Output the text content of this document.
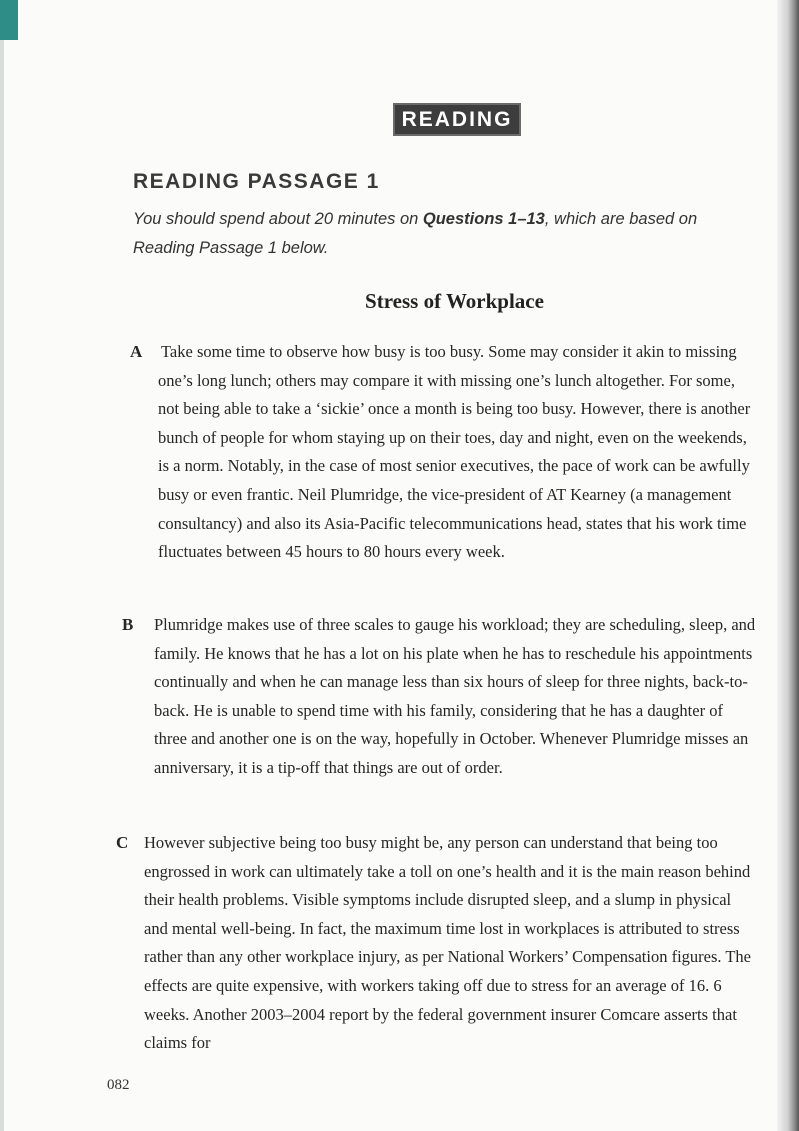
READING
READING PASSAGE 1
You should spend about 20 minutes on Questions 1–13, which are based on Reading Passage 1 below.
Stress of Workplace
A Take some time to observe how busy is too busy. Some may consider it akin to missing one’s long lunch; others may compare it with missing one’s lunch altogether. For some, not being able to take a ‘sickie’ once a month is being too busy. However, there is another bunch of people for whom staying up on their toes, day and night, even on the weekends, is a norm. Notably, in the case of most senior executives, the pace of work can be awfully busy or even frantic. Neil Plumridge, the vice-president of AT Kearney (a management consultancy) and also its Asia-Pacific telecommunications head, states that his work time fluctuates between 45 hours to 80 hours every week.
B Plumridge makes use of three scales to gauge his workload; they are scheduling, sleep, and family. He knows that he has a lot on his plate when he has to reschedule his appointments continually and when he can manage less than six hours of sleep for three nights, back-to-back. He is unable to spend time with his family, considering that he has a daughter of three and another one is on the way, hopefully in October. Whenever Plumridge misses an anniversary, it is a tip-off that things are out of order.
C However subjective being too busy might be, any person can understand that being too engrossed in work can ultimately take a toll on one’s health and it is the main reason behind their health problems. Visible symptoms include disrupted sleep, and a slump in physical and mental well-being. In fact, the maximum time lost in workplaces is attributed to stress rather than any other workplace injury, as per National Workers’ Compensation figures. The effects are quite expensive, with workers taking off due to stress for an average of 16. 6 weeks. Another 2003–2004 report by the federal government insurer Comcare asserts that claims for
082
